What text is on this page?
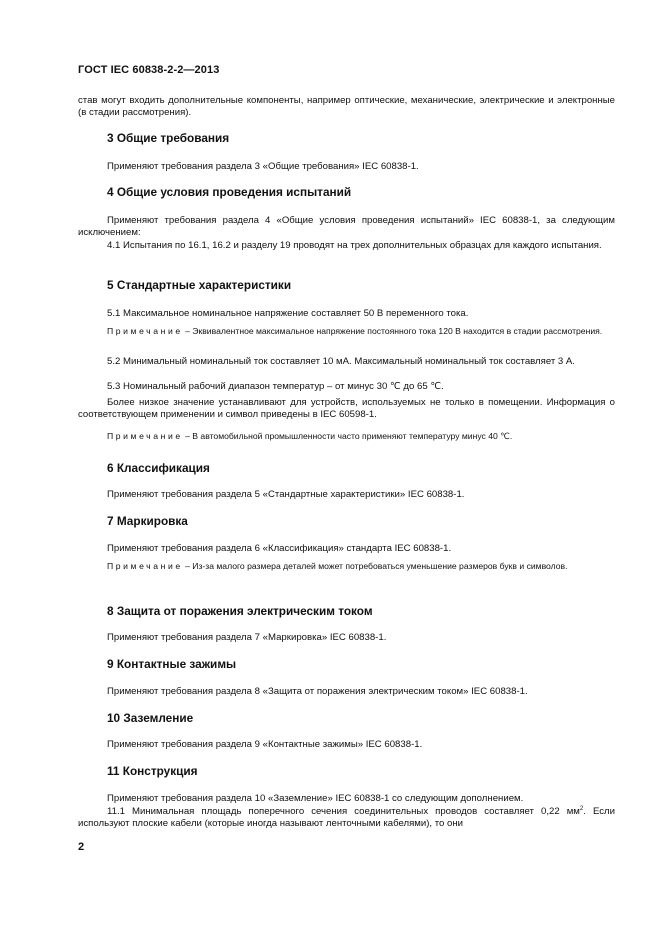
ГОСТ IEC 60838-2-2—2013
став могут входить дополнительные компоненты, например оптические, механические, электрические и электронные (в стадии рассмотрения).
3 Общие требования
Применяют требования раздела 3 «Общие требования» IEC 60838-1.
4 Общие условия проведения испытаний
Применяют требования раздела 4 «Общие условия проведения испытаний» IEC 60838-1, за следующим исключением:
4.1 Испытания по 16.1, 16.2 и разделу 19 проводят на трех дополнительных образцах для каждого испытания.
5 Стандартные характеристики
5.1 Максимальное номинальное напряжение составляет 50 В переменного тока.
Примечание – Эквивалентное максимальное напряжение постоянного тока 120 В находится в стадии рассмотрения.
5.2 Минимальный номинальный ток составляет 10 мА. Максимальный номинальный ток составляет 3 А.
5.3 Номинальный рабочий диапазон температур – от минус 30 ℃ до 65 ℃.
Более низкое значение устанавливают для устройств, используемых не только в помещении. Информация о соответствующем применении и символ приведены в IEC 60598-1.
Примечание – В автомобильной промышленности часто применяют температуру минус 40 ℃.
6 Классификация
Применяют требования раздела 5 «Стандартные характеристики» IEC 60838-1.
7 Маркировка
Применяют требования раздела 6 «Классификация» стандарта IEC 60838-1.
Примечание – Из-за малого размера деталей может потребоваться уменьшение размеров букв и символов.
8 Защита от поражения электрическим током
Применяют требования раздела 7 «Маркировка» IEC 60838-1.
9 Контактные зажимы
Применяют требования раздела 8 «Защита от поражения электрическим током» IEC 60838-1.
10 Заземление
Применяют требования раздела 9 «Контактные зажимы» IEC 60838-1.
11 Конструкция
Применяют требования раздела 10 «Заземление» IEC 60838-1 со следующим дополнением.
11.1 Минимальная площадь поперечного сечения соединительных проводов составляет 0,22 $мм^2$. Если используют плоские кабели (которые иногда называют ленточными кабелями), то они
2
